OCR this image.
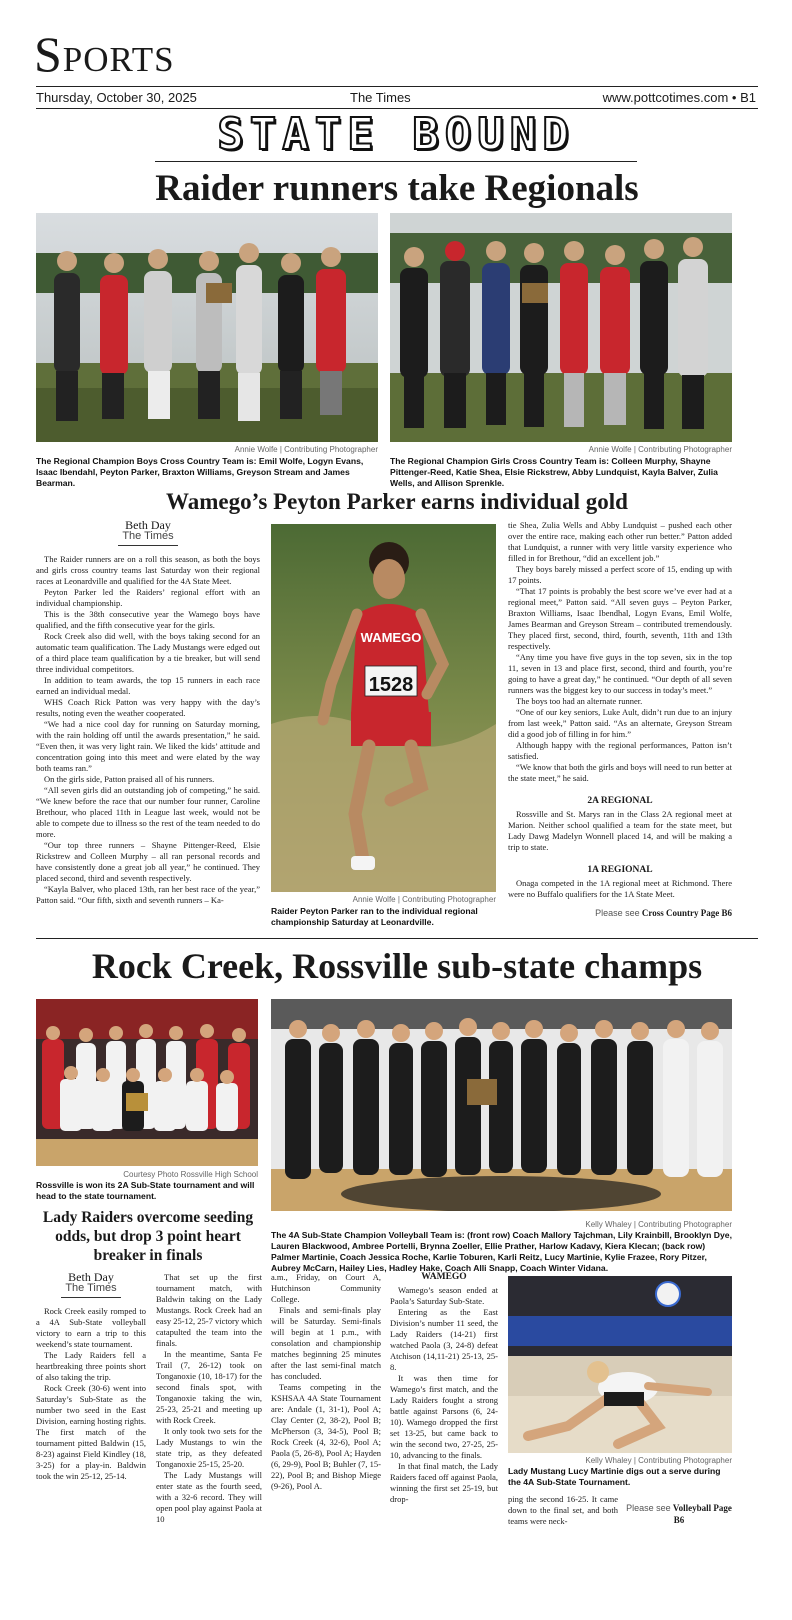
Sports
Thursday, October 30, 2025	The Times	www.pottcotimes.com • B1
STATE BOUND
Raider runners take Regionals
Annie Wolfe | Contributing Photographer
The Regional Champion Boys Cross Country Team is: Emil Wolfe, Logyn Evans, Isaac Ibendahl, Peyton Parker, Braxton Williams, Greyson Stream and James Bearman.
Annie Wolfe | Contributing Photographer
The Regional Champion Girls Cross Country Team is: Colleen Murphy, Shayne Pittenger-Reed, Katie Shea, Elsie Rickstrew, Abby Lundquist, Kayla Balver, Zulia Wells, and Allison Sprenkle.
Wamego’s Peyton Parker earns individual gold
Beth Day
The Times

The Raider runners are on a roll this season, as both the boys and girls cross country teams last Saturday won their regional races at Leonardville and qualified for the 4A State Meet.

Peyton Parker led the Raiders’ regional effort with an individual championship.

This is the 38th consecutive year the Wamego boys have qualified, and the fifth consecutive year for the girls.

Rock Creek also did well, with the boys taking second for an automatic team qualification. The Lady Mustangs were edged out of a third place team qualification by a tie breaker, but will send three individual competitors.

In addition to team awards, the top 15 runners in each race earned an individual medal.

WHS Coach Rick Patton was very happy with the day’s results, noting even the weather cooperated.

“We had a nice cool day for running on Saturday morning, with the rain holding off until the awards presentation,” he said. “Even then, it was very light rain. We liked the kids’ attitude and concentration going into this meet and were elated by the way both teams ran.”

On the girls side, Patton praised all of his runners.

“All seven girls did an outstanding job of competing,” he said. “We knew before the race that our number four runner, Caroline Brethour, who placed 11th in League last week, would not be able to compete due to illness so the rest of the team needed to do more.

“Our top three runners – Shayne Pittenger-Reed, Elsie Rickstrew and Colleen Murphy – all ran personal records and have consistently done a great job all year,” he continued. They placed second, third and seventh respectively.

“Kayla Balver, who placed 13th, ran her best race of the year,” Patton said. “Our fifth, sixth and seventh runners – Ka-

1528
WAMEGO
Annie Wolfe | Contributing Photographer
Raider Peyton Parker ran to the individual regional championship Saturday at Leonardville.

tie Shea, Zulia Wells and Abby Lundquist – pushed each other over the entire race, making each other run better.” Patton added that Lundquist, a runner with very little varsity experience who filled in for Brethour, “did an excellent job.”

They boys barely missed a perfect score of 15, ending up with 17 points.

“That 17 points is probably the best score we’ve ever had at a regional meet,” Patton said. “All seven guys – Peyton Parker, Braxton Williams, Isaac Ibendhal, Logyn Evans, Emil Wolfe, James Bearman and Greyson Stream – contributed tremendously. They placed first, second, third, fourth, seventh, 11th and 13th respectively.

“Any time you have five guys in the top seven, six in the top 11, seven in 13 and place first, second, third and fourth, you’re going to have a great day,” he continued. “Our depth of all seven runners was the biggest key to our success in today’s meet.”

The boys too had an alternate runner.

“One of our key seniors, Luke Ault, didn’t run due to an injury from last week,” Patton said. “As an alternate, Greyson Stream did a good job of filling in for him.”

Although happy with the regional performances, Patton isn’t satisfied.

“We know that both the girls and boys will need to run better at the state meet,” he said.

2A REGIONAL

Rossville and St. Marys ran in the Class 2A regional meet at Marion. Neither school qualified a team for the state meet, but Lady Dawg Madelyn Wonnell placed 14, and will be making a trip to state.

1A REGIONAL

Onaga competed in the 1A regional meet at Richmond. There were no Buffalo qualifiers for the 1A State Meet.

Please see Cross Country Page B6
Rock Creek, Rossville sub-state champs
Courtesy Photo Rossville High School
Rossville is won its 2A Sub-State tournament and will head to the state tournament.
Kelly Whaley | Contributing Photographer
The 4A Sub-State Champion Volleyball Team is: (front row) Coach Mallory Tajchman, Lily Krainbill, Brooklyn Dye, Lauren Blackwood, Ambree Portelli, Brynna Zoeller, Ellie Prather, Harlow Kadavy, Kiera Klecan; (back row) Palmer Martinie, Coach Jessica Roche, Karlie Toburen, Karli Reitz, Lucy Martinie, Kylie Frazee, Rory Pitzer, Aubrey McCarn, Hailey Lies, Hadley Hake, Coach Alli Snapp, Coach Winter Vidana.
Lady Raiders overcome seeding odds, but drop 3 point heart breaker in finals
Beth Day
The Times

Rock Creek easily romped to a 4A Sub-State volleyball victory to earn a trip to this weekend’s state tournament.

The Lady Raiders fell a heartbreaking three points short of also taking the trip.

Rock Creek (30-6) went into Saturday’s Sub-State as the number two seed in the East Division, earning hosting rights. The first match of the tournament pitted Baldwin (15, 8-23) against Field Kindley (18, 3-25) for a play-in. Baldwin took the win 25-12, 25-14.

That set up the first tournament match, with Baldwin taking on the Lady Mustangs. Rock Creek had an easy 25-12, 25-7 victory which catapulted the team into the finals.

In the meantime, Santa Fe Trail (7, 26-12) took on Tonganoxie (10, 18-17) for the second finals spot, with Tonganoxie taking the win, 25-23, 25-21 and meeting up with Rock Creek.

It only took two sets for the Lady Mustangs to win the state trip, as they defeated Tonganoxie 25-15, 25-20.

The Lady Mustangs will enter state as the fourth seed, with a 32-6 record. They will open pool play against Paola at 10

a.m., Friday, on Court A, Hutchinson Community College.

Finals and semi-finals play will be Saturday. Semi-finals will begin at 1 p.m., with consolation and championship matches beginning 25 minutes after the last semi-final match has concluded.

Teams competing in the KSHSAA 4A State Tournament are: Andale (1, 31-1), Pool A; Clay Center (2, 38-2), Pool B; McPherson (3, 34-5), Pool B; Rock Creek (4, 32-6), Pool A; Paola (5, 26-8), Pool A; Hayden (6, 29-9), Pool B; Buhler (7, 15-22), Pool B; and Bishop Miege (9-26), Pool A.

WAMEGO

Wamego’s season ended at Paola’s Saturday Sub-State.

Entering as the East Division’s number 11 seed, the Lady Raiders (14-21) first watched Paola (3, 24-8) defeat Atchison (14,11-21) 25-13, 25-8.

It was then time for Wamego’s first match, and the Lady Raiders fought a strong battle against Parsons (6, 24-10). Wamego dropped the first set 13-25, but came back to win the second two, 27-25, 25-10, advancing to the finals.

In that final match, the Lady Raiders faced off against Paola, winning the first set 25-19, but drop-

Kelly Whaley | Contributing Photographer
Lady Mustang Lucy Martinie digs out a serve during the 4A Sub-State Tournament.

ping the second 16-25. It came down to the final set, and both teams were neck-

Please see Volleyball Page B6
